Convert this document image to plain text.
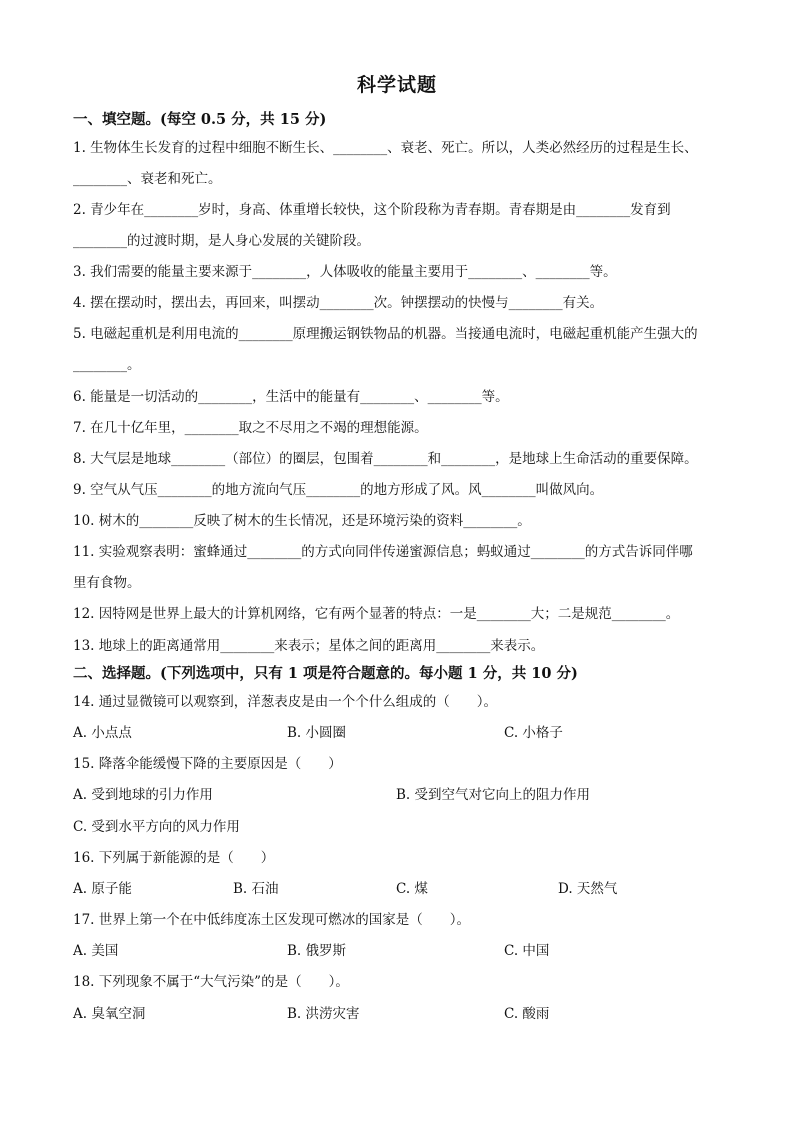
科学试题
一、填空题。(每空 0.5 分，共 15 分)
1. 生物体生长发育的过程中细胞不断生长、________、衰老、死亡。所以，人类必然经历的过程是生长、
________、衰老和死亡。
2. 青少年在________岁时，身高、体重增长较快，这个阶段称为青春期。青春期是由________发育到
________的过渡时期，是人身心发展的关键阶段。
3. 我们需要的能量主要来源于________，人体吸收的能量主要用于________、________等。
4. 摆在摆动时，摆出去，再回来，叫摆动________次。钟摆摆动的快慢与________有关。
5. 电磁起重机是利用电流的________原理搬运钢铁物品的机器。当接通电流时，电磁起重机能产生强大的
________。
6. 能量是一切活动的________，生活中的能量有________、________等。
7. 在几十亿年里，________取之不尽用之不竭的理想能源。
8. 大气层是地球________（部位）的圈层，包围着________和________，是地球上生命活动的重要保障。
9. 空气从气压________的地方流向气压________的地方形成了风。风________叫做风向。
10. 树木的________反映了树木的生长情况，还是环境污染的资料________。
11. 实验观察表明：蜜蜂通过________的方式向同伴传递蜜源信息；蚂蚁通过________的方式告诉同伴哪
里有食物。
12. 因特网是世界上最大的计算机网络，它有两个显著的特点：一是________大；二是规范________。
13. 地球上的距离通常用________来表示；星体之间的距离用________来表示。
二、选择题。(下列选项中，只有 1 项是符合题意的。每小题 1 分，共 10 分)
14. 通过显微镜可以观察到，洋葱表皮是由一个个什么组成的（　　）。
A. 小点点	B. 小圆圈	C. 小格子
15. 降落伞能缓慢下降的主要原因是（　　）
A. 受到地球的引力作用	B. 受到空气对它向上的阻力作用
C. 受到水平方向的风力作用
16. 下列属于新能源的是（　　）
A. 原子能	B. 石油	C. 煤	D. 天然气
17. 世界上第一个在中低纬度冻土区发现可燃冰的国家是（　　）。
A. 美国	B. 俄罗斯	C. 中国
18. 下列现象不属于“大气污染”的是（　　）。
A. 臭氧空洞	B. 洪涝灾害	C. 酸雨
